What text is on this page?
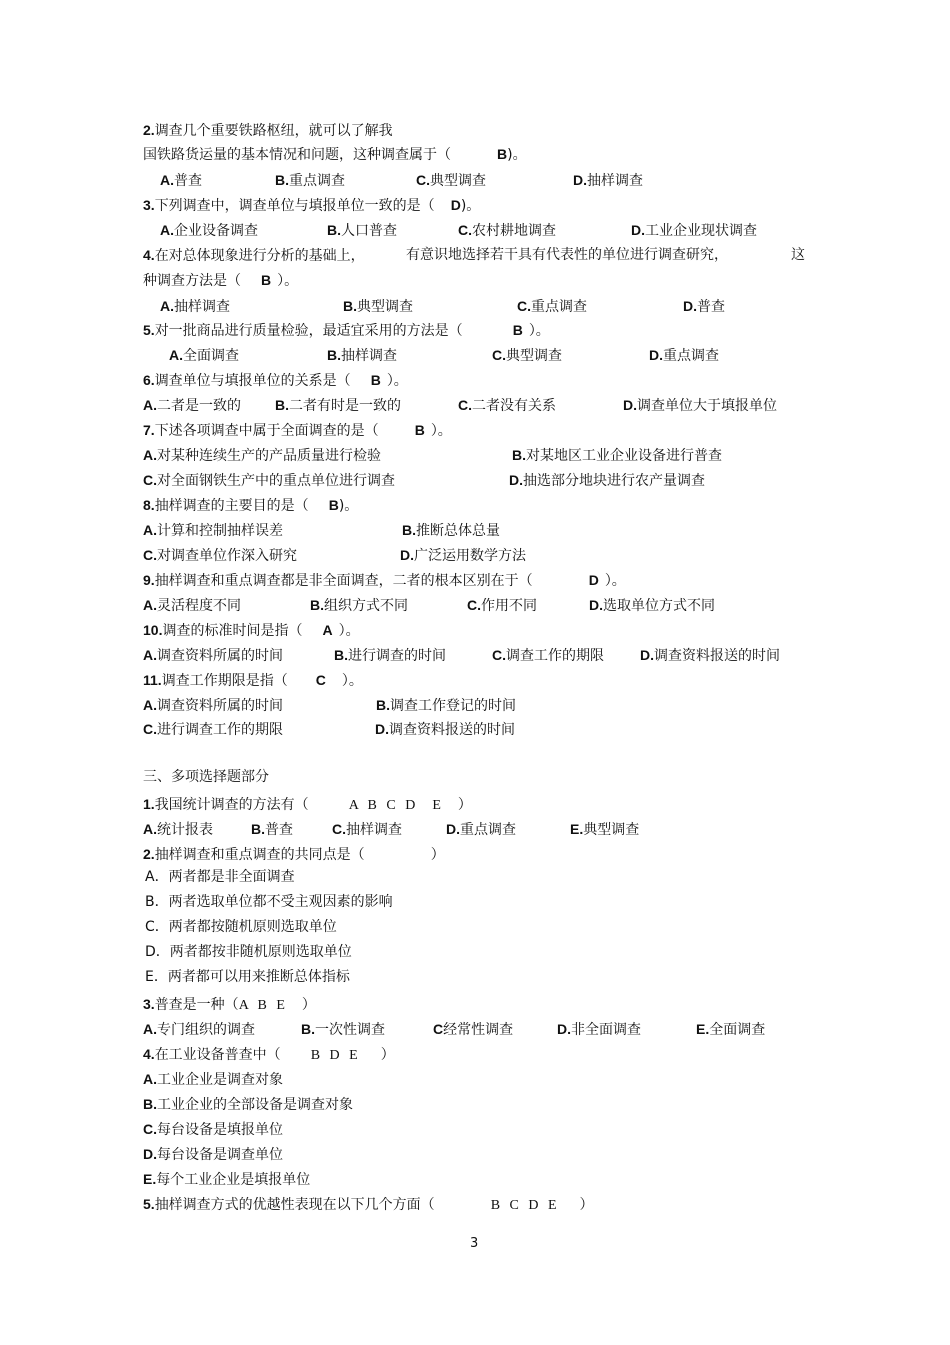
2.调查几个重要铁路枢纽，就可以了解我
国铁路货运量的基本情况和问题，这种调查属于（	B)。
A.普查	B.重点调查	C.典型调查	D.抽样调查
3.下列调查中，调查单位与填报单位一致的是（ D)。
A.企业设备调查	B.人口普查	C.农村耕地调查	D.工业企业现状调查
4.在对总体现象进行分析的基础上，	有意识地选择若干具有代表性的单位进行调查研究，	这
种调查方法是（ B ）。
A.抽样调查	B.典型调查	C.重点调查	D.普查
5.对一批商品进行质量检验，最适宜采用的方法是（	B ）。
A.全面调查	B.抽样调查	C.典型调查	D.重点调查
6.调查单位与填报单位的关系是（ B ）。
A.二者是一致的 B.二者有时是一致的	C.二者没有关系	D.调查单位大于填报单位
7.下述各项调查中属于全面调查的是（	B ）。
A.对某种连续生产的产品质量进行检验	B.对某地区工业企业设备进行普查
C.对全面钢铁生产中的重点单位进行调查	D.抽选部分地块进行农产量调查
8.抽样调查的主要目的是（ B)。
A.计算和控制抽样误差	B.推断总体总量
C.对调查单位作深入研究	D.广泛运用数学方法
9.抽样调查和重点调查都是非全面调查，二者的根本区别在于（	D ）。
A.灵活程度不同	B.组织方式不同	C.作用不同	D.选取单位方式不同
10.调查的标准时间是指（ A ）。
A.调查资料所属的时间	B.进行调查的时间	C.调查工作的期限	D.调查资料报送的时间
11.调查工作期限是指（ C ）。
A.调查资料所属的时间	B.调查工作登记的时间
C.进行调查工作的期限	D.调查资料报送的时间
三、多项选择题部分
1.我国统计调查的方法有（	A B C D E ）
A.统计报表	B.普查	C.抽样调查	D.重点调查	E.典型调查
2.抽样调查和重点调查的共同点是（	）
A．两者都是非全面调查
B．两者选取单位都不受主观因素的影响
C．两者都按随机原则选取单位
D．两者都按非随机原则选取单位
E．两者都可以用来推断总体指标
3.普查是一种（A B E ）
A.专门组织的调查	B.一次性调查	C经常性调查	D.非全面调查	E.全面调查
4.在工业设备普查中（ B D E ）
A.工业企业是调查对象
B.工业企业的全部设备是调查对象
C.每台设备是填报单位
D.每台设备是调查单位
E.每个工业企业是填报单位
5.抽样调查方式的优越性表现在以下几个方面（	B C D E ）
3
